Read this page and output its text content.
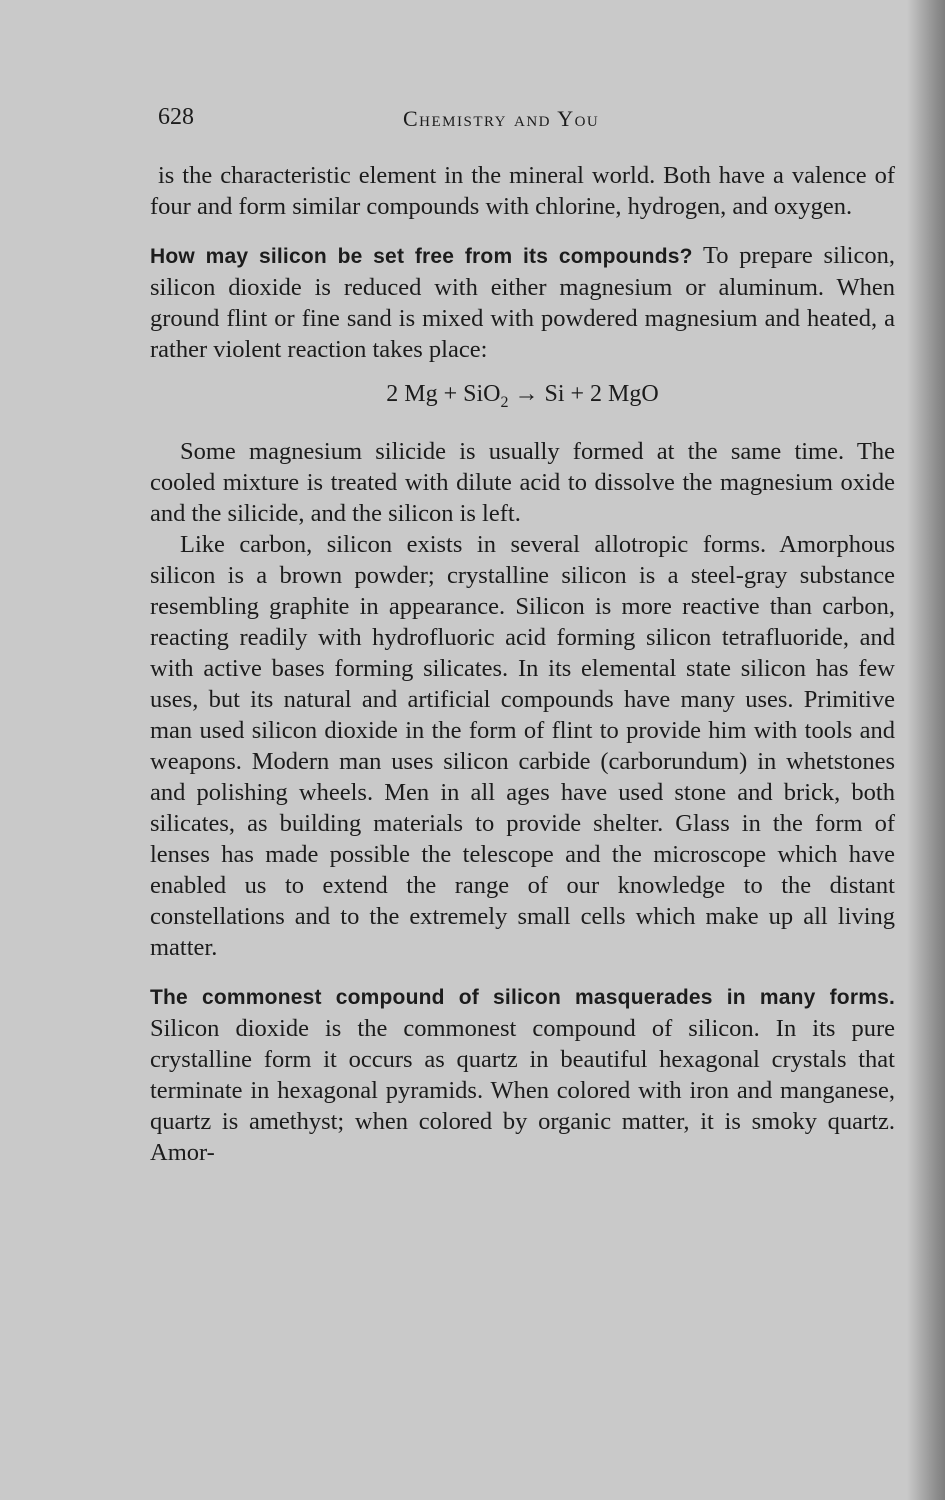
628	Chemistry and You

is the characteristic element in the mineral world. Both have a valence of four and form similar compounds with chlorine, hydrogen, and oxygen.

How may silicon be set free from its compounds? To prepare silicon, silicon dioxide is reduced with either magnesium or aluminum. When ground flint or fine sand is mixed with powdered magnesium and heated, a rather violent reaction takes place:

2 Mg + SiO$_2$ → Si + 2 MgO

Some magnesium silicide is usually formed at the same time. The cooled mixture is treated with dilute acid to dissolve the magnesium oxide and the silicide, and the silicon is left.

Like carbon, silicon exists in several allotropic forms. Amorphous silicon is a brown powder; crystalline silicon is a steel-gray substance resembling graphite in appearance. Silicon is more reactive than carbon, reacting readily with hydrofluoric acid forming silicon tetrafluoride, and with active bases forming silicates. In its elemental state silicon has few uses, but its natural and artificial compounds have many uses. Primitive man used silicon dioxide in the form of flint to provide him with tools and weapons. Modern man uses silicon carbide (carborundum) in whetstones and polishing wheels. Men in all ages have used stone and brick, both silicates, as building materials to provide shelter. Glass in the form of lenses has made possible the telescope and the microscope which have enabled us to extend the range of our knowledge to the distant constellations and to the extremely small cells which make up all living matter.

The commonest compound of silicon masquerades in many forms. Silicon dioxide is the commonest compound of silicon. In its pure crystalline form it occurs as quartz in beautiful hexagonal crystals that terminate in hexagonal pyramids. When colored with iron and manganese, quartz is amethyst; when colored by organic matter, it is smoky quartz. Amor-
